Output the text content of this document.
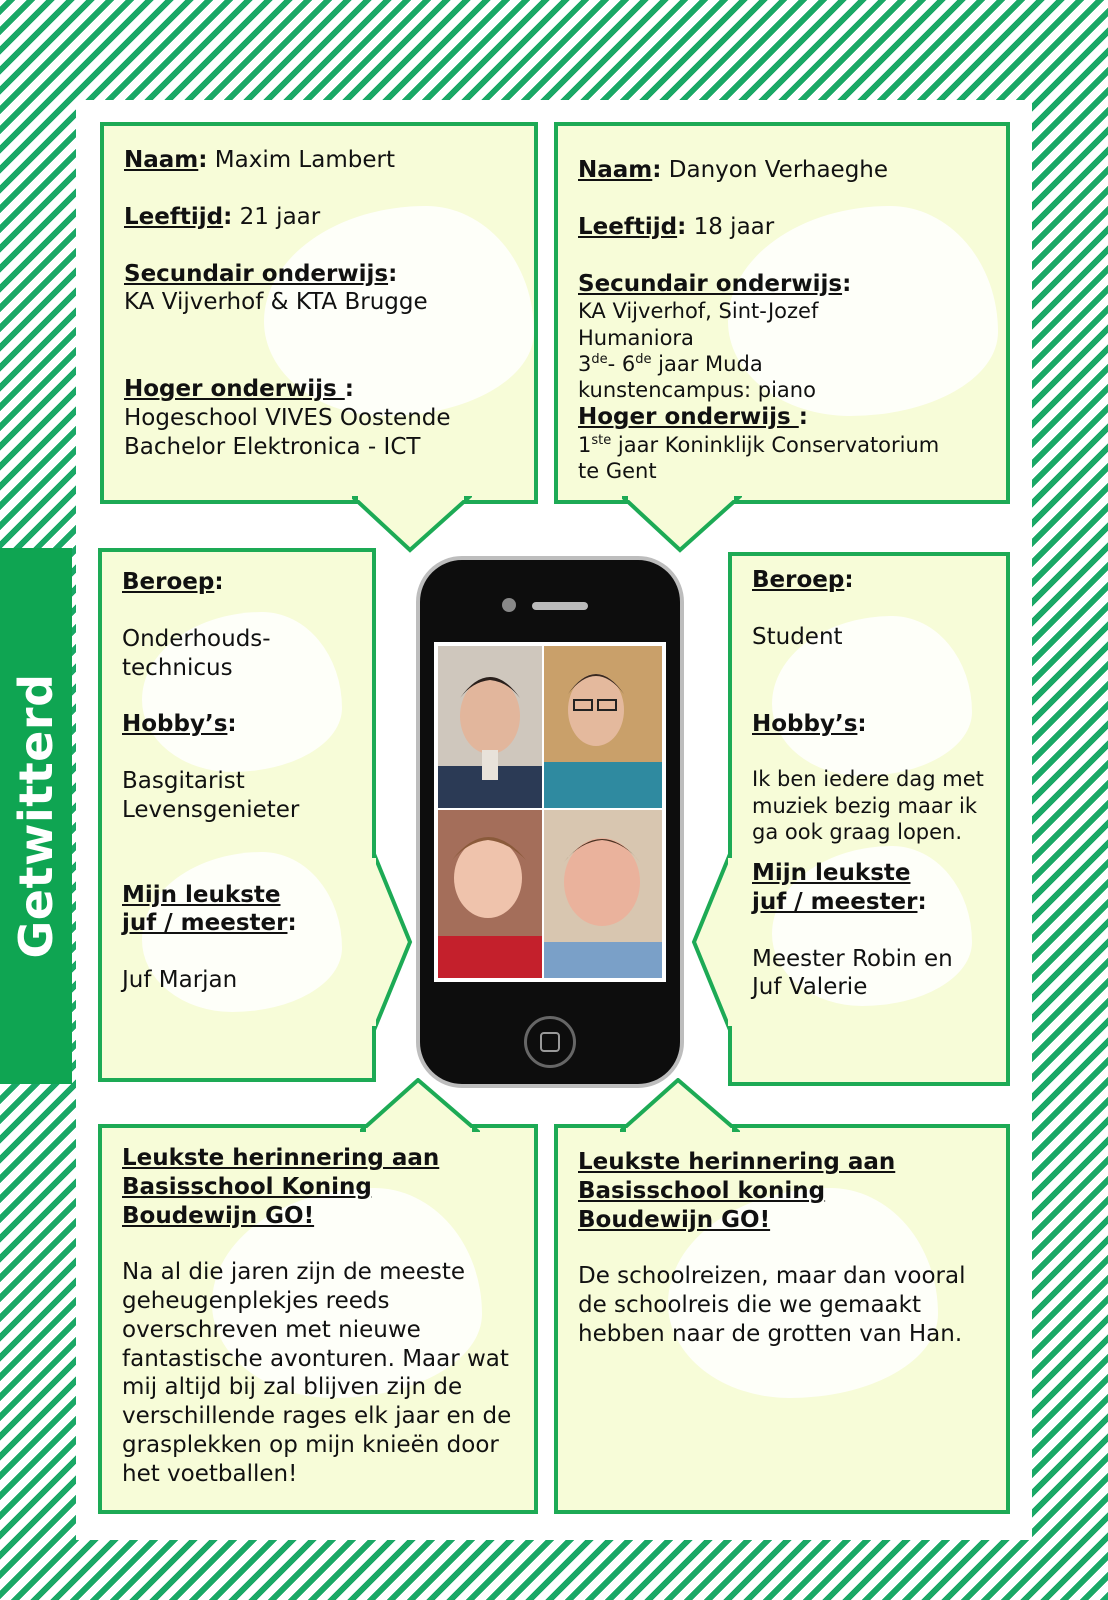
Getwitterd

Naam: Maxim Lambert

Leeftijd: 21 jaar

Secundair onderwijs:

KA Vijverhof & KTA Brugge

Hoger onderwijs :

Hogeschool VIVES Oostende

Bachelor Elektronica - ICT

Naam: Danyon Verhaeghe

Leeftijd: 18 jaar

Secundair onderwijs:

KA Vijverhof, Sint-Jozef

Humaniora

3de- 6de jaar Muda

kunstencampus: piano

Hoger onderwijs :

1ste jaar Koninklijk Conservatorium

te Gent

Beroep:

Onderhouds-

technicus

Hobby’s:

Basgitarist

Levensgenieter

Mijn leukste

juf / meester:

Juf Marjan

Beroep:

Student

Hobby’s:

Ik ben iedere dag met muziek bezig maar ik ga ook graag lopen.

Mijn leukste

juf / meester:

Meester Robin en

Juf Valerie

Leukste herinnering aan

Basisschool Koning

Boudewijn GO!

Na al die jaren zijn de meeste geheugenplekjes reeds overschreven met nieuwe fantastische avonturen. Maar wat mij altijd bij zal blijven zijn de verschillende rages elk jaar en de grasplekken op mijn knieën door het voetballen!

Leukste herinnering aan

Basisschool koning

Boudewijn GO!

De schoolreizen, maar dan vooral de schoolreis die we gemaakt hebben naar de grotten van Han.
